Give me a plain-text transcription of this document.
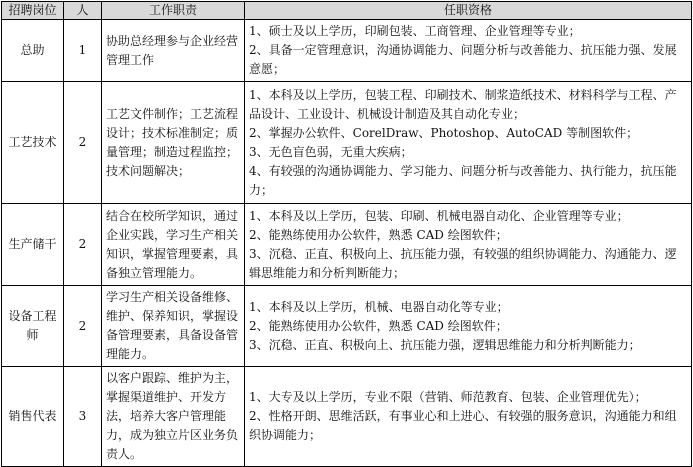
招聘岗位	人	工作职责	任职资格
总助	1	协助总经理参与企业经营管理工作	1、硕士及以上学历，印刷包装、工商管理、企业管理等专业；
2、具备一定管理意识，沟通协调能力、问题分析与改善能力、抗压能力强、发展意愿；

工艺技术	2	工艺文件制作；工艺流程设计；技术标准制定；质量管理；制造过程监控；技术问题解决；	1、本科及以上学历，包装工程、印刷技术、制浆造纸技术、材料科学与工程、产品设计、工业设计、机械设计制造及其自动化专业；
2、掌握办公软件、CorelDraw、Photoshop、AutoCAD 等制图软件；
3、无色盲色弱，无重大疾病；
4、有较强的沟通协调能力、学习能力、问题分析与改善能力、执行能力，抗压能力；

生产储干	2	结合在校所学知识，通过企业实践，学习生产相关知识，掌握管理要素，具备独立管理能力。	1、本科及以上学历，包装、印刷、机械电器自动化、企业管理等专业；
2、能熟练使用办公软件，熟悉 CAD 绘图软件；
3、沉稳、正直、积极向上、抗压能力强，有较强的组织协调能力、沟通能力、逻辑思维能力和分析判断能力；

设备工程师	2	学习生产相关设备维修、维护、保养知识，掌握设备管理要素，具备设备管理能力。	1、本科及以上学历，机械、电器自动化等专业；
2、能熟练使用办公软件，熟悉 CAD 绘图软件；
3、沉稳、正直、积极向上、抗压能力强，逻辑思维能力和分析判断能力；

销售代表	3	以客户跟踪、维护为主，掌握渠道维护、开发方法，培养大客户管理能力，成为独立片区业务负责人。	1、大专及以上学历，专业不限（营销、师范教育、包装、企业管理优先）；
2、性格开朗、思维活跃，有事业心和上进心、有较强的服务意识，沟通能力和组织协调能力；
